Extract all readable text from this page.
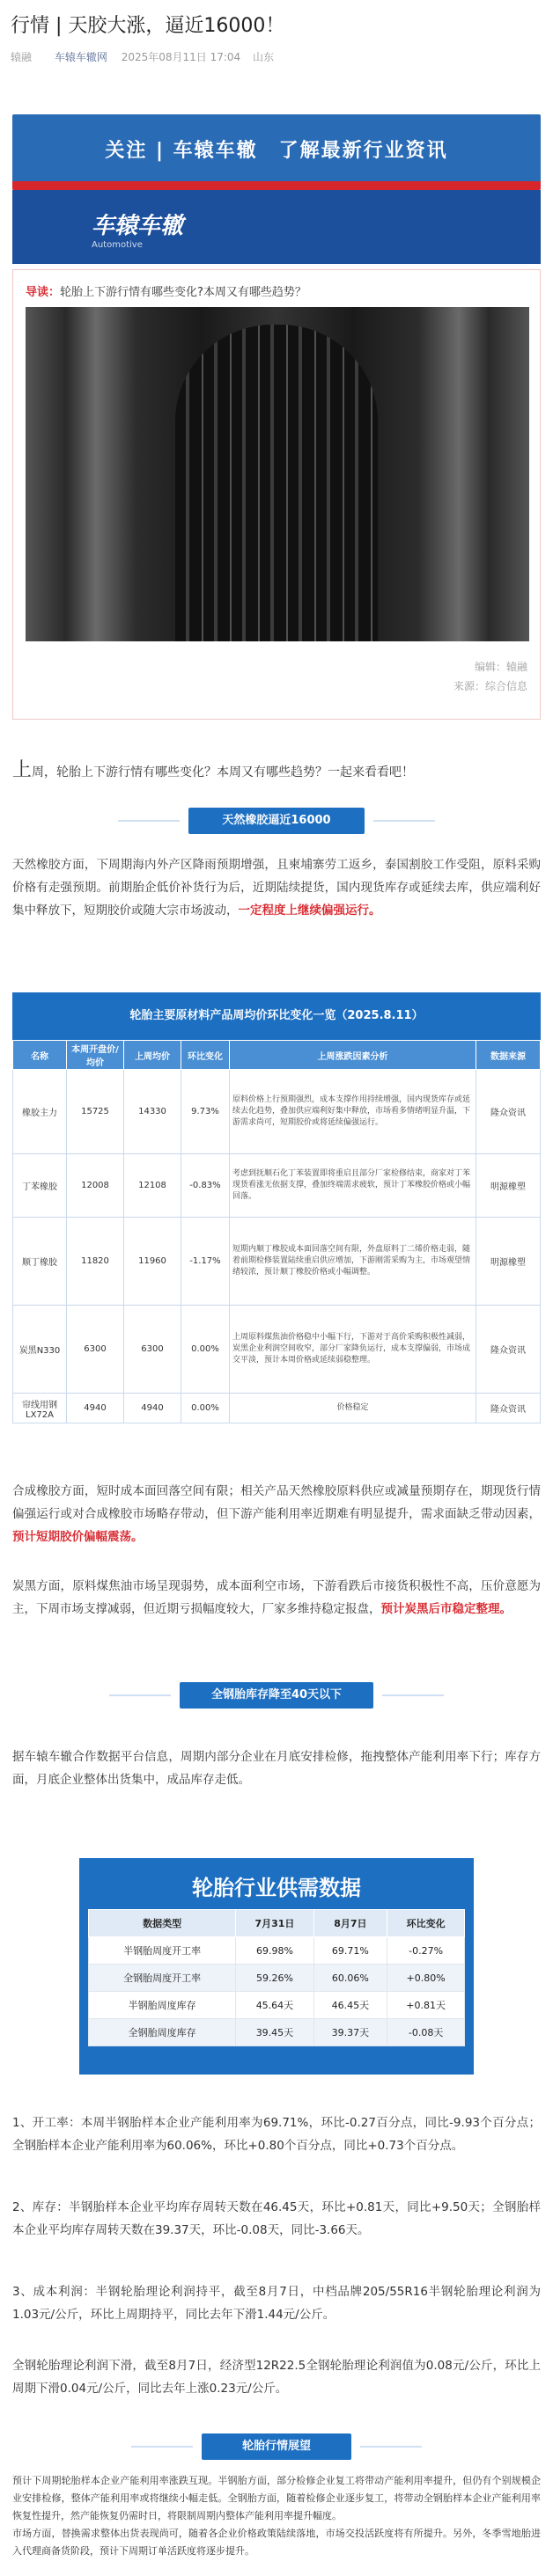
行情 | 天胶大涨，逼近16000！
辕融 车辕车辙网 2025年08月11日 17:04 山东
关注 | 车辕车辙　了解最新行业资讯
车辕车辙
Automotive
导读：轮胎上下游行情有哪些变化?本周又有哪些趋势？
编辑：辕融
来源：综合信息
上周，轮胎上下游行情有哪些变化？本周又有哪些趋势？一起来看看吧！
天然橡胶逼近16000
天然橡胶方面，下周期海内外产区降雨预期增强，且柬埔寨劳工返乡，泰国割胶工作受阻，原料采购价格有走强预期。前期胎企低价补货行为后，近期陆续提货，国内现货库存或延续去库，供应端利好集中释放下，短期胶价或随大宗市场波动，一定程度上继续偏强运行。
轮胎主要原材料产品周均价环比变化一览（2025.8.11）
名称	本周开盘价/均价	上周均价	环比变化	上周涨跌因素分析	数据来源
橡胶主力	15725	14330	9.73%	原料价格上行预期强烈，成本支撑作用持续增强，国内现货库存或延续去化趋势，叠加供应端利好集中释放，市场看多情绪明显升温，下游需求尚可，短期胶价或将延续偏强运行。	隆众资讯
丁苯橡胶	12008	12108	-0.83%	考虑到抚顺石化丁苯装置即将重启且部分厂家检修结束，商家对丁苯现货看涨无依据支撑，叠加终端需求疲软，预计丁苯橡胶价格或小幅回落。	明源橡塑
顺丁橡胶	11820	11960	-1.17%	短期内顺丁橡胶成本面回落空间有限，外盘原料丁二烯价格走弱，随着前期检修装置陆续重启供应增加，下游刚需采购为主，市场观望情绪较浓，预计顺丁橡胶价格或小幅调整。	明源橡塑
炭黑N330	6300	6300	0.00%	上周原料煤焦油价格稳中小幅下行，下游对于高价采购积极性减弱，炭黑企业利润空间收窄，部分厂家降负运行，成本支撑偏弱，市场成交平淡，预计本周价格或延续弱稳整理。	隆众资讯
帘线用钢LX72A	4940	4940	0.00%	价格稳定	隆众资讯
合成橡胶方面，短时成本面回落空间有限；相关产品天然橡胶原料供应或减量预期存在，期现货行情偏强运行或对合成橡胶市场略存带动，但下游产能利用率近期难有明显提升，需求面缺乏带动因素，预计短期胶价偏幅震荡。
炭黑方面，原料煤焦油市场呈现弱势，成本面利空市场，下游看跌后市接货积极性不高，压价意愿为主，下周市场支撑减弱，但近期亏损幅度较大，厂家多维持稳定报盘，预计炭黑后市稳定整理。
全钢胎库存降至40天以下
据车辕车辙合作数据平台信息，周期内部分企业在月底安排检修，拖拽整体产能利用率下行；库存方面，月底企业整体出货集中，成品库存走低。
轮胎行业供需数据
数据类型	7月31日	8月7日	环比变化
半钢胎周度开工率	69.98%	69.71%	-0.27%
全钢胎周度开工率	59.26%	60.06%	+0.80%
半钢胎周度库存	45.64天	46.45天	+0.81天
全钢胎周度库存	39.45天	39.37天	-0.08天
1、开工率：本周半钢胎样本企业产能利用率为69.71%，环比-0.27百分点，同比-9.93个百分点；全钢胎样本企业产能利用率为60.06%，环比+0.80个百分点，同比+0.73个百分点。
2、库存：半钢胎样本企业平均库存周转天数在46.45天，环比+0.81天，同比+9.50天；全钢胎样本企业平均库存周转天数在39.37天，环比-0.08天，同比-3.66天。
3、成本利润：半钢轮胎理论利润持平，截至8月7日，中档品牌205/55R16半钢轮胎理论利润为1.03元/公斤，环比上周期持平，同比去年下滑1.44元/公斤。
全钢轮胎理论利润下滑，截至8月7日，经济型12R22.5全钢轮胎理论利润值为0.08元/公斤，环比上周期下滑0.04元/公斤，同比去年上涨0.23元/公斤。
轮胎行情展望
预计下周期轮胎样本企业产能利用率涨跌互现。半钢胎方面，部分检修企业复工将带动产能利用率提升，但仍有个别规模企业安排检修，整体产能利用率或将继续小幅走低。全钢胎方面，随着检修企业逐步复工，将带动全钢胎样本企业产能利用率恢复性提升，然产能恢复仍需时日，将限制周期内整体产能利用率提升幅度。
市场方面，替换需求整体出货表现尚可，随着各企业价格政策陆续落地，市场交投活跃度将有所提升。另外，冬季雪地胎进入代理商备货阶段，预计下周期订单活跃度将逐步提升。
